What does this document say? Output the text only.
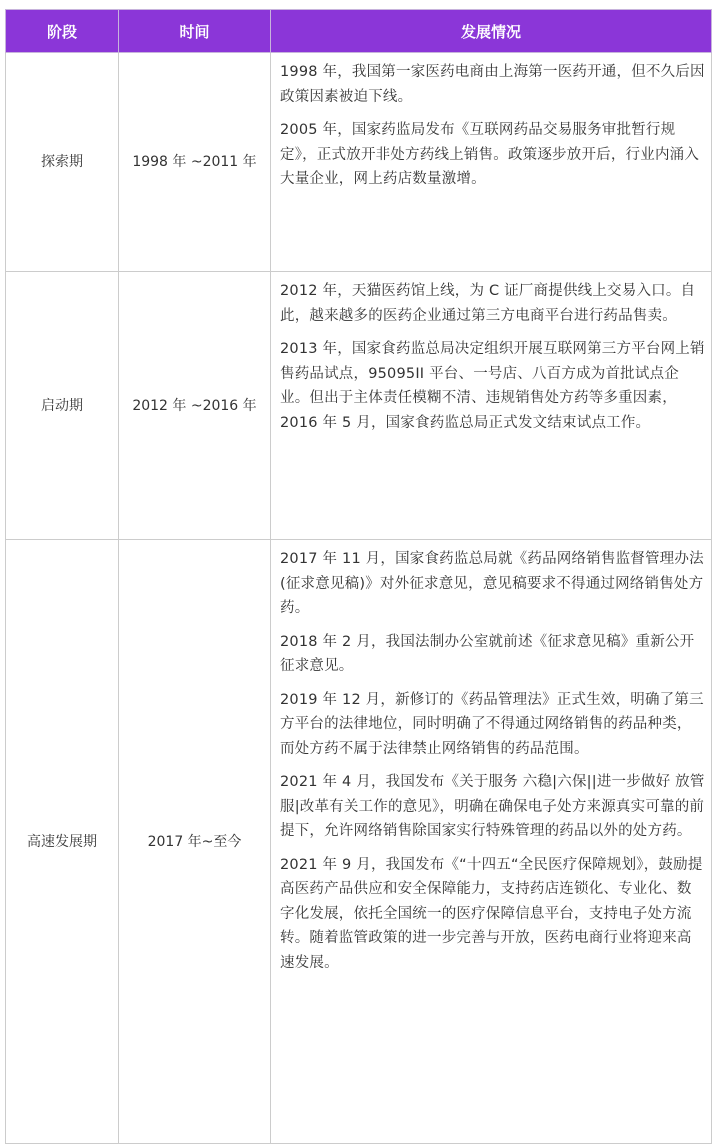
阶段	时间	发展情况
探索期	1998 年 ~2011 年	1998 年，我国第一家医药电商由上海第一医药开通，但不久后因政策因素被迫下线。

2005 年，国家药监局发布《互联网药品交易服务审批暂行规定》，正式放开非处方药线上销售。政策逐步放开后，行业内涌入大量企业，网上药店数量激增。

启动期	2012 年 ~2016 年	2012 年，天猫医药馆上线，为 C 证厂商提供线上交易入口。自此，越来越多的医药企业通过第三方电商平台进行药品售卖。

2013 年，国家食药监总局决定组织开展互联网第三方平台网上销售药品试点，95095II 平台、一号店、八百方成为首批试点企业。但出于主体责任模糊不清、违规销售处方药等多重因素，2016 年 5 月，国家食药监总局正式发文结束试点工作。

高速发展期	2017 年~至今	2017 年 11 月，国家食药监总局就《药品网络销售监督管理办法(征求意见稿)》对外征求意见，意见稿要求不得通过网络销售处方药。

2018 年 2 月，我国法制办公室就前述《征求意见稿》重新公开征求意见。

2019 年 12 月，新修订的《药品管理法》正式生效，明确了第三方平台的法律地位，同时明确了不得通过网络销售的药品种类，而处方药不属于法律禁止网络销售的药品范围。

2021 年 4 月，我国发布《关于服务 六稳|六保||进一步做好 放管服|改革有关工作的意见》，明确在确保电子处方来源真实可靠的前提下，允许网络销售除国家实行特殊管理的药品以外的处方药。

2021 年 9 月，我国发布《“十四五“全民医疗保障规划》，鼓励提高医药产品供应和安全保障能力，支持药店连锁化、专业化、数字化发展，依托全国统一的医疗保障信息平台，支持电子处方流转。随着监管政策的进一步完善与开放，医药电商行业将迎来高速发展。
